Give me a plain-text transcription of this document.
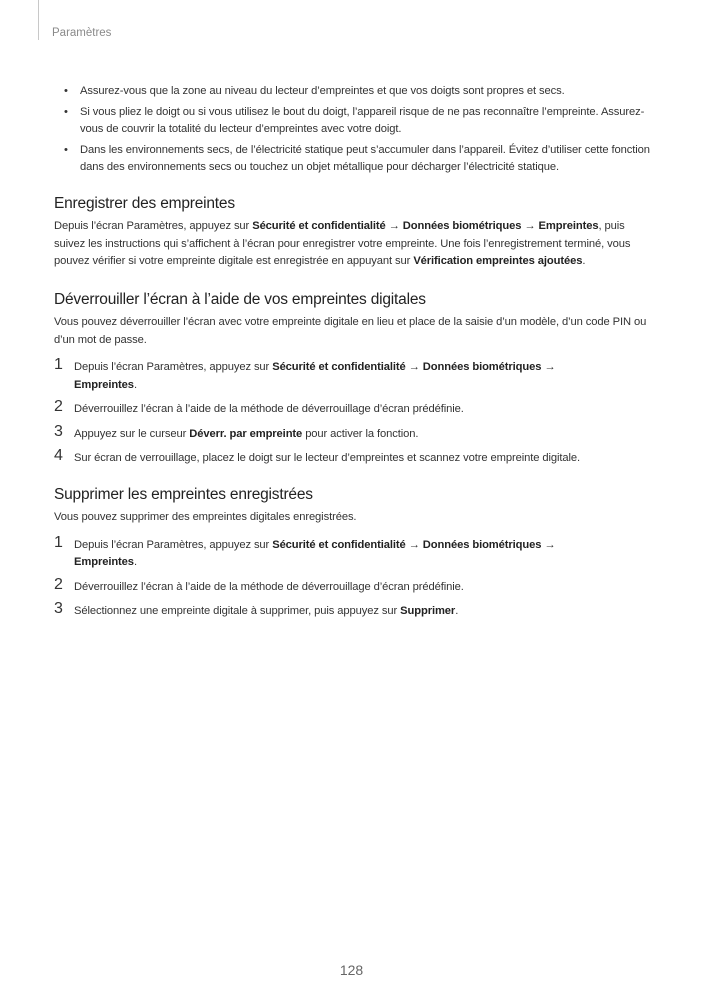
Paramètres
• Assurez-vous que la zone au niveau du lecteur d’empreintes et que vos doigts sont propres et secs.
• Si vous pliez le doigt ou si vous utilisez le bout du doigt, l’appareil risque de ne pas reconnaître l’empreinte. Assurez-vous de couvrir la totalité du lecteur d’empreintes avec votre doigt.
• Dans les environnements secs, de l’électricité statique peut s’accumuler dans l’appareil. Évitez d’utiliser cette fonction dans des environnements secs ou touchez un objet métallique pour décharger l’électricité statique.
Enregistrer des empreintes

Depuis l’écran Paramètres, appuyez sur Sécurité et confidentialité → Données biométriques → Empreintes, puis suivez les instructions qui s’affichent à l’écran pour enregistrer votre empreinte. Une fois l’enregistrement terminé, vous pouvez vérifier si votre empreinte digitale est enregistrée en appuyant sur Vérification empreintes ajoutées.

Déverrouiller l’écran à l’aide de vos empreintes digitales

Vous pouvez déverrouiller l’écran avec votre empreinte digitale en lieu et place de la saisie d’un modèle, d’un code PIN ou d’un mot de passe.

1 Depuis l’écran Paramètres, appuyez sur Sécurité et confidentialité → Données biométriques →
Empreintes.
2 Déverrouillez l’écran à l’aide de la méthode de déverrouillage d’écran prédéfinie.
3 Appuyez sur le curseur Déverr. par empreinte pour activer la fonction.
4 Sur écran de verrouillage, placez le doigt sur le lecteur d’empreintes et scannez votre empreinte digitale.
Supprimer les empreintes enregistrées

Vous pouvez supprimer des empreintes digitales enregistrées.

1 Depuis l’écran Paramètres, appuyez sur Sécurité et confidentialité → Données biométriques →
Empreintes.
2 Déverrouillez l’écran à l’aide de la méthode de déverrouillage d’écran prédéfinie.
3 Sélectionnez une empreinte digitale à supprimer, puis appuyez sur Supprimer.
128
